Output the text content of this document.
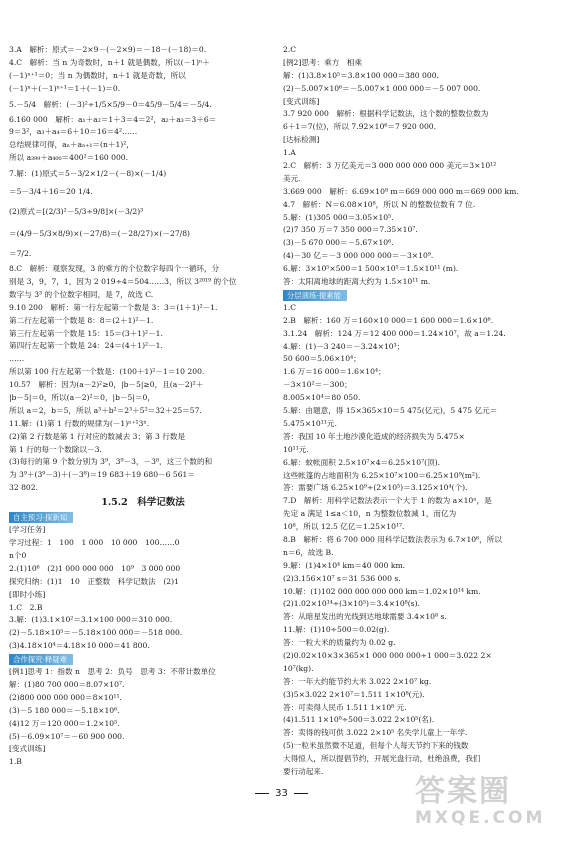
3.A　解析：原式＝－2×9－(－2×9)＝－18－(－18)＝0.
4.C　解析：当 n 为奇数时，n＋1 就是偶数，所以(－1)ⁿ＋
(－1)ⁿ⁺¹＝0；当 n 为偶数时，n＋1 就是奇数，所以
(－1)ⁿ＋(－1)ⁿ⁺¹＝1＋(－1)＝0.
5.－5/4　解析：(－3)²÷1/5×5/9－0＝45/9－5/4＝－5/4.
6.160 000　解析：a₁＋a₂＝1＋3＝4＝2²，a₂＋a₃＝3＋6＝
9＝3²，a₃＋a₄＝6＋10＝16＝4²……
总结规律可得，aₙ＋aₙ₊₁＝(n＋1)²，
所以 a₃₉₉＋a₄₀₀＝400²＝160 000.
7.解：(1)原式＝5－3/2×1/2－(－8)×(－1/4)
＝5－3/4＋16＝20 1/4.
(2)原式＝[(2/3)²－5/3÷9/8]×(－3/2)³
＝(4/9－5/3×8/9)×(－27/8)＝(－28/27)×(－27/8)
＝7/2.
8.C　解析：观察发现，3 的乘方的个位数字每四个一循环，分
别是 3，9，7，1，因为 2 019÷4＝504……3，所以 3²⁰¹⁹ 的个位
数字与 3³ 的个位数字相同，是 7，故选 C.
9.10 200　解析：第一行左起第一个数是 3：3＝(1＋1)²－1.
第二行左起第一个数是 8：8＝(2＋1)²－1.
第三行左起第一个数是 15：15＝(3＋1)²－1.
第四行左起第一个数是 24：24＝(4＋1)²－1.
……
所以第 100 行左起第一个数是：(100＋1)²－1＝10 200.
10.57　解析：因为(a－2)²≥0，|b－5|≥0，且(a－2)²＋
|b－5|＝0，所以(a－2)²＝0，|b－5|＝0，
所以 a＝2，b＝5，所以 a³＋b²＝2³＋5²＝32＋25＝57.
11.解：(1)第 1 行数的规律为(－1)ⁿ⁺¹3ⁿ.
(2)第 2 行数是第 1 行对应的数减去 3；第 3 行数是
第 1 行的每一个数除以－3.
(3)每行的第 9 个数分别为 3⁹，3⁹－3，－3⁸，这三个数的和
为 3⁹＋(3⁹－3)＋(－3⁸)＝19 683＋19 680－6 561＝
32 802.
1.5.2　科学记数法
自主预习·探新知
[学习任务]
学习过程：1　100　1 000　10 000　100……0
n个0
2.(1)10⁶　(2)1 000 000 000　10⁹　3 000 000
探究归纳：(1)1　10　正整数　科学记数法　(2)1
[即时小练]
1.C　2.B
3.解：(1)3.1×10²＝3.1×100 000＝310 000.
(2)－5.18×10⁵＝－5.18×100 000＝－518 000.
(3)4.18×10⁴＝4.18×10 000＝41 800.
合作探究·释疑难
[例1]思考 1：指数 n　思考 2：负号　思考 3：不带计数单位
解：(1)80 700 000＝8.07×10⁷.
(2)800 000 000 000＝8×10¹¹.
(3)－5 180 000＝－5.18×10⁶.
(4)12 万＝120 000＝1.2×10⁵.
(5)－6.09×10⁷＝－60 900 000.
[变式训练]
1.B
2.C
[例2]思考：乘方　相乘
解：(1)3.8×10⁵＝3.8×100 000＝380 000.
(2)－5.007×10⁶＝－5.007×1 000 000＝－5 007 000.
[变式训练]
3.7 920 000　解析：根据科学记数法，这个数的整数位数为
6＋1＝7(位)，所以 7.92×10⁶＝7 920 000.
[达标检测]
1.A
2.C　解析：3 万亿美元＝3 000 000 000 000 美元＝3×10¹²
美元.
3.669 000　解析：6.69×10⁸ m＝669 000 000 m＝669 000 km.
4.7　解析：N＝6.08×10⁸，所以 N 的整数位数有 7 位.
5.解：(1)305 000＝3.05×10⁵.
(2)7 350 万＝7 350 000＝7.35×10⁷.
(3)－5 670 000＝－5.67×10⁶.
(4)－30 亿＝－3 000 000 000＝－3×10⁹.
6.解：3×10⁵×500＝1 500×10⁵＝1.5×10¹¹ (m).
答：太阳离地球的距离大约为 1.5×10¹¹ m.
分层演练·提素能
1.C
2.B　解析：160 万＝160×10 000＝1 600 000＝1.6×10⁶.
3.1.24　解析：124 万＝12 400 000＝1.24×10⁷，故 a＝1.24.
4.解：(1)－3 240＝－3.24×10³；
50 600＝5.06×10⁴；
1.6 万＝16 000＝1.6×10⁴；
－3×10²＝－300；
8.005×10⁴＝80 050.
5.解：由题意，得 15×365×10＝5 475(亿元)，5 475 亿元＝
5.475×10¹¹元.
答：我国 10 年土地沙漠化造成的经济损失为 5.475×
10¹¹元.
6.解：蚊帐面积 2.5×10⁷×4＝6.25×10⁷(顶).
这些帐篷的占地面积为 6.25×10⁷×100＝6.25×10⁹(m²).
答：需要广场 6.25×10⁹÷(2×10⁵)＝3.125×10⁴(个).
7.D　解析：用科学记数法表示一个大于 1 的数为 a×10ⁿ，是
先定 a 满足 1≤a＜10，n 为整数位数减 1，而亿为
10⁸，所以 12.5 亿亿＝1.25×10¹⁷.
8.B　解析：将 6 700 000 用科学记数法表示为 6.7×10⁶，所以
n＝6，故选 B.
9.解：(1)4×10⁴ km＝40 000 km.
(2)3.156×10⁷ s＝31 536 000 s.
10.解：(1)102 000 000 000 000 km＝1.02×10¹⁴ km.
(2)1.02×10¹⁴÷(3×10⁵)＝3.4×10⁸(s).
答：从暗星发出的光线到达地球需要 3.4×10⁸ s.
11.解：(1)10÷500＝0.02(g).
答：一粒大米的质量约为 0.02 g.
(2)0.02×10×3×365×1 000 000 000÷1 000＝3.022 2×
10⁷(kg).
答：一年大约能节约大米 3.022 2×10⁷ kg.
(3)5×3.022 2×10⁷＝1.511 1×10⁸(元).
答：可卖得人民币 1.511 1×10⁸ 元.
(4)1.511 1×10⁸÷500＝3.022 2×10⁵(名).
答：卖得的钱可供 3.022 2×10⁵ 名失学儿童上一年学.
(5)一粒米虽然微不足道，但每个人每天节约下来的钱数
大得惊人，所以提倡节约，开展光盘行动，杜绝浪费，我们
要行动起来.
33	答案圈
MXQE.COM
